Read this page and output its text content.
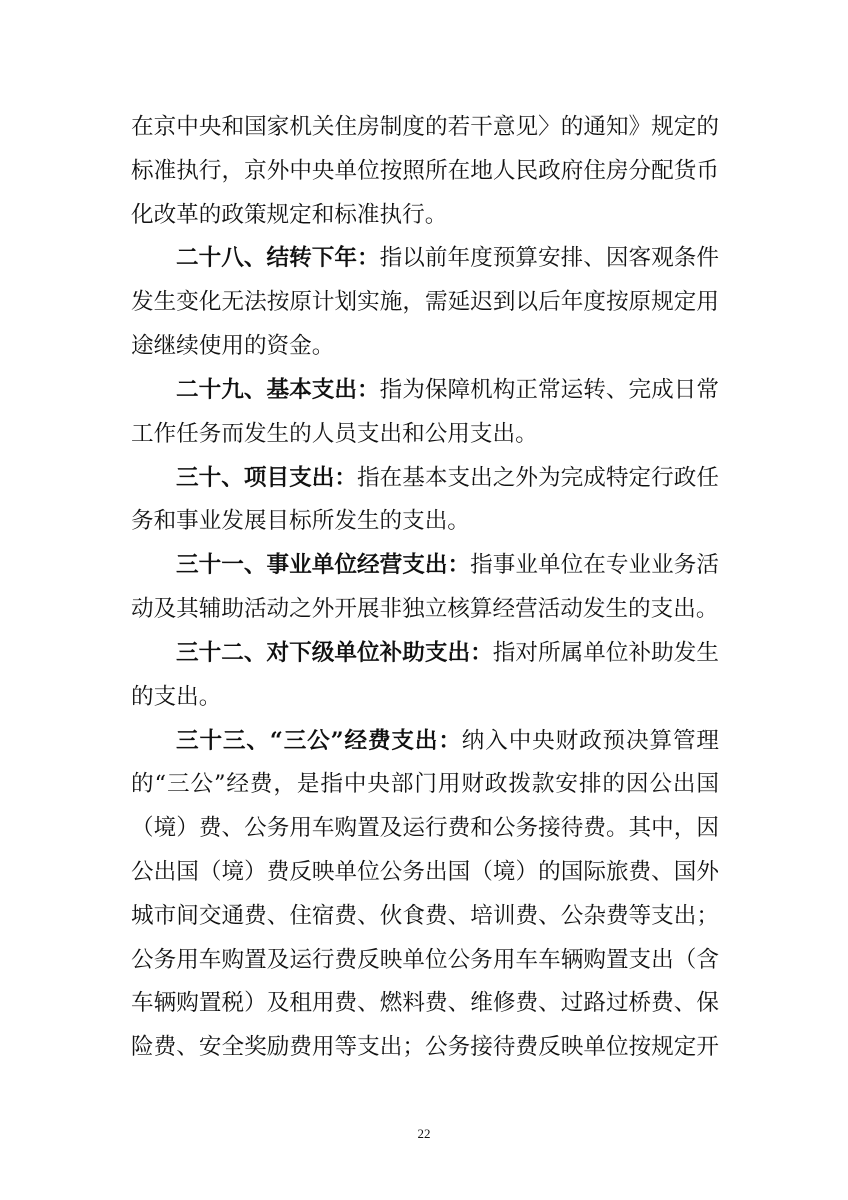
在京中央和国家机关住房制度的若干意见〉的通知》规定的
标准执行，京外中央单位按照所在地人民政府住房分配货币
化改革的政策规定和标准执行。
二十八、结转下年：指以前年度预算安排、因客观条件
发生变化无法按原计划实施，需延迟到以后年度按原规定用
途继续使用的资金。
二十九、基本支出：指为保障机构正常运转、完成日常
工作任务而发生的人员支出和公用支出。
三十、项目支出：指在基本支出之外为完成特定行政任
务和事业发展目标所发生的支出。
三十一、事业单位经营支出：指事业单位在专业业务活
动及其辅助活动之外开展非独立核算经营活动发生的支出。
三十二、对下级单位补助支出：指对所属单位补助发生
的支出。
三十三、“三公”经费支出：纳入中央财政预决算管理
的“三公”经费，是指中央部门用财政拨款安排的因公出国
（境）费、公务用车购置及运行费和公务接待费。其中，因
公出国（境）费反映单位公务出国（境）的国际旅费、国外
城市间交通费、住宿费、伙食费、培训费、公杂费等支出；
公务用车购置及运行费反映单位公务用车车辆购置支出（含
车辆购置税）及租用费、燃料费、维修费、过路过桥费、保
险费、安全奖励费用等支出；公务接待费反映单位按规定开
22
